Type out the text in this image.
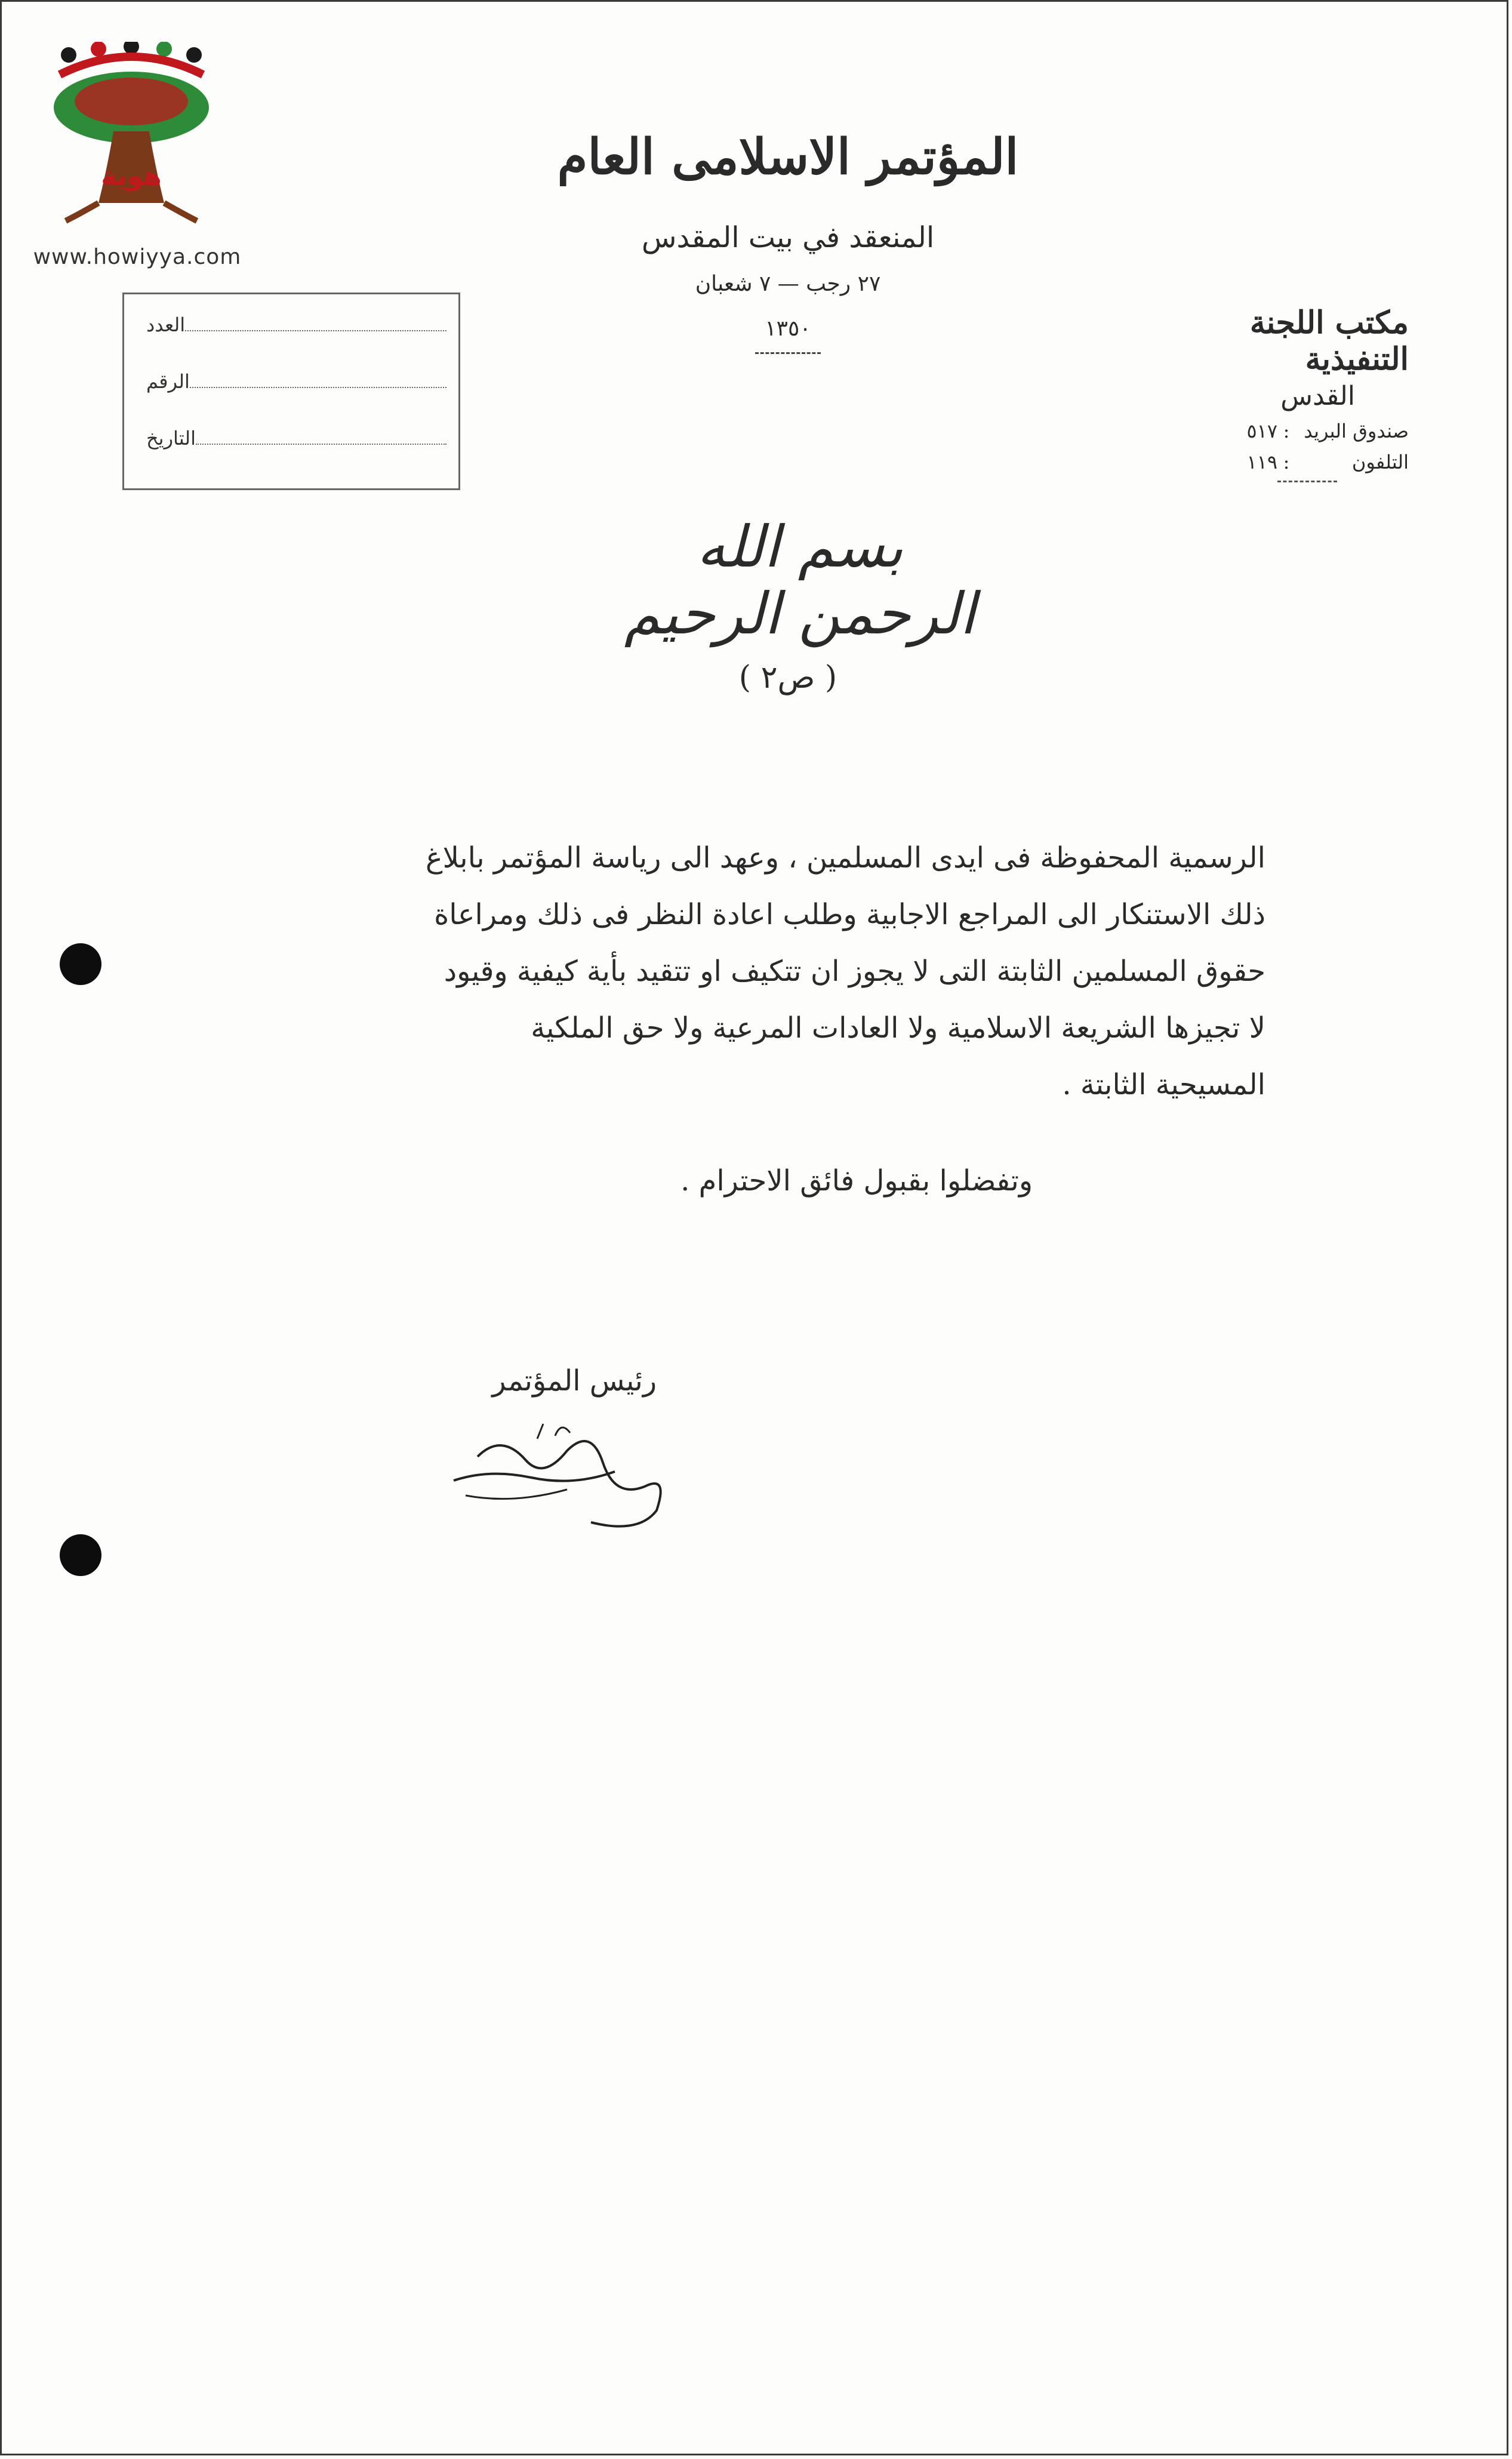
هوية
www.howiyya.com
المؤتمر الاسلامى العام
المنعقد في بيت المقدس
٢٧ رجب — ٧ شعبان
١٣٥٠
العدد
الرقم
التاريخ
مكتب اللجنة التنفيذية
القدس
صندوق البريد
:
٥١٧
التلفون
:
١١٩
بسم الله الرحمن الرحيم
( ص٢ )
الرسمية المحفوظة فى ايدى المسلمين ، وعهد الى رياسة المؤتمر بابلاغ
ذلك الاستنكار الى المراجع الاجابية وطلب اعادة النظر فى ذلك ومراعاة
حقوق المسلمين الثابتة التى لا يجوز ان تتكيف او تتقيد بأية كيفية وقيود
لا تجيزها الشريعة الاسلامية ولا العادات المرعية ولا حق الملكية
المسيحية الثابتة .
وتفضلوا بقبول فائق الاحترام .
رئيس المؤتمر
